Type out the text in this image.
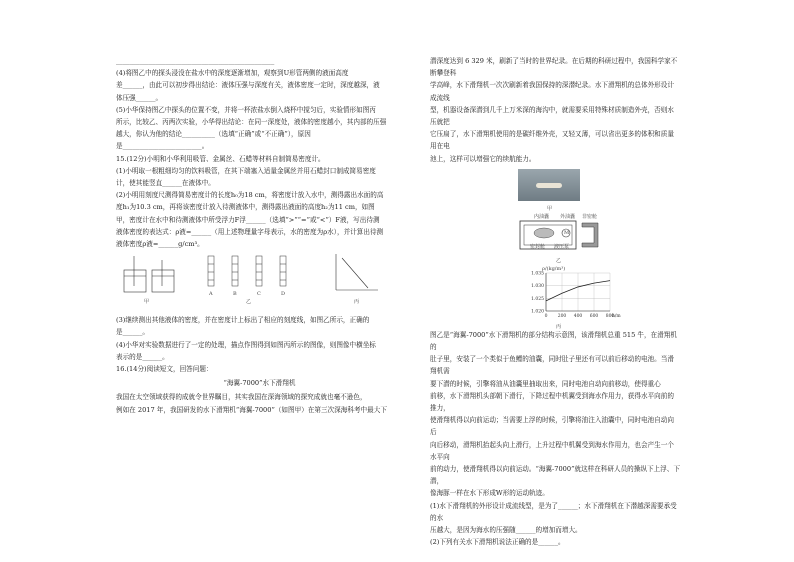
________________________________________________

(4)将图乙中的探头浸没在盐水中的深度逐渐增加，观察到U形管两侧的液面高度

差______，由此可以初步得出结论：液体压强与深度有关，液体密度一定时，深度越深，液

体压强______。

(5)小华保持图乙中探头的位置不变，并将一杯浓盐水倒入烧杯中搅匀后，实验情形如图丙

所示，比较乙、丙两次实验，小华得出结论：在同一深度处，液体的密度越小，其内部的压强

越大，你认为他的结论__________（选填“正确”或“不正确”），原因

是________________________。

15.(12分)小明和小华利用吸管、金属丝、石蜡等材料自制简易密度计。

(1)小明取一根粗细均匀的饮料吸管，在其下端塞入适量金属丝并用石蜡封口制成简易密度

计，使其能竖直______在液体中。

(2)小明用刻度尺测得简易密度计的长度h₀为18 cm，将密度计放入水中，测得露出水面的高

度h₁为10.3 cm，再将该密度计放入待测液体中，测得露出液面的高度h₂为11 cm，如图

甲，密度计在水中和待测液体中所受浮力F浮______（选填“>”“=”或“<”）F液，写出待测

液体密度的表达式：ρ液=______（用上述物理量字母表示，水的密度为ρ水），并计算出待测

液体密度ρ液=______g/cm³。

甲
A	B	C	D
乙	丙

(3)继续测出其他液体的密度，并在密度计上标出了相应的刻度线，如图乙所示，正确的

是______。

(4)小华对实验数据进行了一定的处理，描点作图得到如图丙所示的图像，则图像中横坐标

表示的是______。

16.(14分)阅读短文，回答问题：

“海翼-7000”水下滑翔机

我国在太空领域获得的成就令世界瞩目，其实我国在深海领域的探究成就也毫不逊色，

例如在 2017 年，我国研发的水下滑翔机“海翼-7000”（如图甲）在第三次深海科考中最大下

潜深度达到 6 329 米，刷新了当时的世界纪录。在后期的科研过程中，我国科学家不断攀登科

学高峰，水下滑翔机一次次刷新着我国保持的深潜纪录。水下滑翔机的总体外形设计成流线

型，机器设备深潜到几千上万米深的海沟中，就需要采用特殊材质制造外壳，否则水压就把

它压扁了，水下滑翔机使用的是碳纤维外壳，又轻又薄，可以省出更多的体积和质量用在电

池上，这样可以增强它的续航能力。

甲
内油囊 外油囊 非密舱
M
密封舱 液压泵
乙
ρ/(kg/m³)
1.035
1.030
1.025
1.020
0 200 400 600 800
h/m
丙

图乙是“海翼-7000”水下滑翔机的部分结构示意图，该滑翔机总重 515 牛，在滑翔机的

肚子里，安装了一个类似于鱼鳔的油囊，同时肚子里还有可以前后移动的电池。当滑翔机需

要下潜的时候，引擎将油从油囊里抽取出来，同时电池自动向前移动，使得重心

前移，水下滑翔机头部朝下滑行，下降过程中机翼受到海水作用力，获得水平向前的推力，

使滑翔机得以向前运动；当需要上浮的时候，引擎将油注入油囊中，同时电池自动向后

向后移动，滑翔机抬起头向上滑行，上升过程中机翼受到海水作用力，也会产生一个水平向

前的动力，使滑翔机得以向前运动。“海翼-7000”就这样在科研人员的操纵下上浮、下潜，

像海豚一样在水下形成W形的运动轨迹。

(1)水下滑翔机的外形设计成流线型，是为了______；水下滑翔机在下潜越深需要承受的水

压越大，是因为海水的压强随______的增加而增大。

(2)下列有关水下滑翔机说法正确的是______。
